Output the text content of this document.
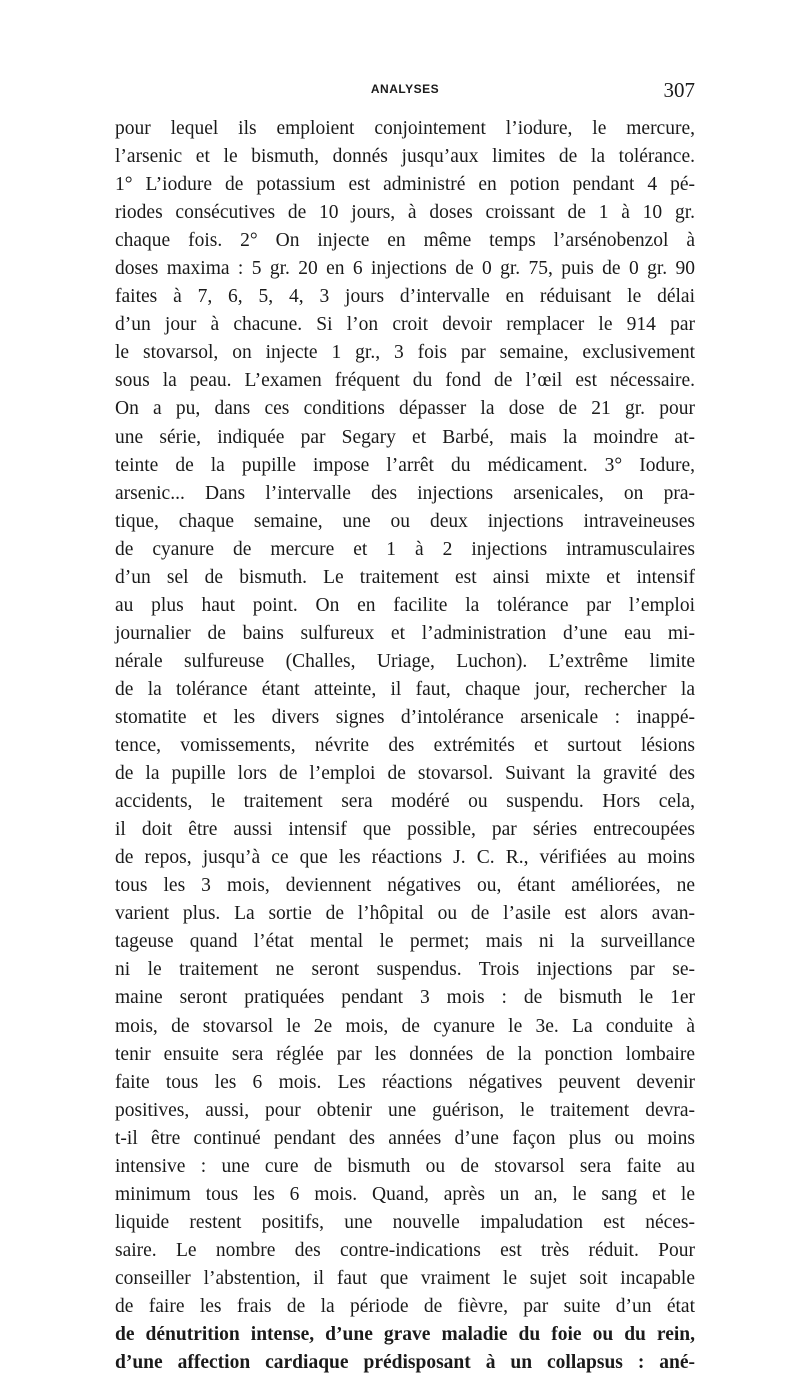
ANALYSES	307
pour lequel ils emploient conjointement l’iodure, le mercure,
l’arsenic et le bismuth, donnés jusqu’aux limites de la tolérance.
1° L’iodure de potassium est administré en potion pendant 4 pé-
riodes consécutives de 10 jours, à doses croissant de 1 à 10 gr.
chaque fois. 2° On injecte en même temps l’arsénobenzol à
doses maxima : 5 gr. 20 en 6 injections de 0 gr. 75, puis de 0 gr. 90
faites à 7, 6, 5, 4, 3 jours d’intervalle en réduisant le délai
d’un jour à chacune. Si l’on croit devoir remplacer le 914 par
le stovarsol, on injecte 1 gr., 3 fois par semaine, exclusivement
sous la peau. L’examen fréquent du fond de l’œil est nécessaire.
On a pu, dans ces conditions dépasser la dose de 21 gr. pour
une série, indiquée par Segary et Barbé, mais la moindre at-
teinte de la pupille impose l’arrêt du médicament. 3° Iodure,
arsenic... Dans l’intervalle des injections arsenicales, on pra-
tique, chaque semaine, une ou deux injections intraveineuses
de cyanure de mercure et 1 à 2 injections intramusculaires
d’un sel de bismuth. Le traitement est ainsi mixte et intensif
au plus haut point. On en facilite la tolérance par l’emploi
journalier de bains sulfureux et l’administration d’une eau mi-
nérale sulfureuse (Challes, Uriage, Luchon). L’extrême limite
de la tolérance étant atteinte, il faut, chaque jour, rechercher la
stomatite et les divers signes d’intolérance arsenicale : inappé-
tence, vomissements, névrite des extrémités et surtout lésions
de la pupille lors de l’emploi de stovarsol. Suivant la gravité des
accidents, le traitement sera modéré ou suspendu. Hors cela,
il doit être aussi intensif que possible, par séries entrecoupées
de repos, jusqu’à ce que les réactions J. C. R., vérifiées au moins
tous les 3 mois, deviennent négatives ou, étant améliorées, ne
varient plus. La sortie de l’hôpital ou de l’asile est alors avan-
tageuse quand l’état mental le permet; mais ni la surveillance
ni le traitement ne seront suspendus. Trois injections par se-
maine seront pratiquées pendant 3 mois : de bismuth le 1er
mois, de stovarsol le 2e mois, de cyanure le 3e. La conduite à
tenir ensuite sera réglée par les données de la ponction lombaire
faite tous les 6 mois. Les réactions négatives peuvent devenir
positives, aussi, pour obtenir une guérison, le traitement devra-
t-il être continué pendant des années d’une façon plus ou moins
intensive : une cure de bismuth ou de stovarsol sera faite au
minimum tous les 6 mois. Quand, après un an, le sang et le
liquide restent positifs, une nouvelle impaludation est néces-
saire. Le nombre des contre-indications est très réduit. Pour
conseiller l’abstention, il faut que vraiment le sujet soit incapable
de faire les frais de la période de fièvre, par suite d’un état
de dénutrition intense, d’une grave maladie du foie ou du rein,
d’une affection cardiaque prédisposant à un collapsus : ané-
